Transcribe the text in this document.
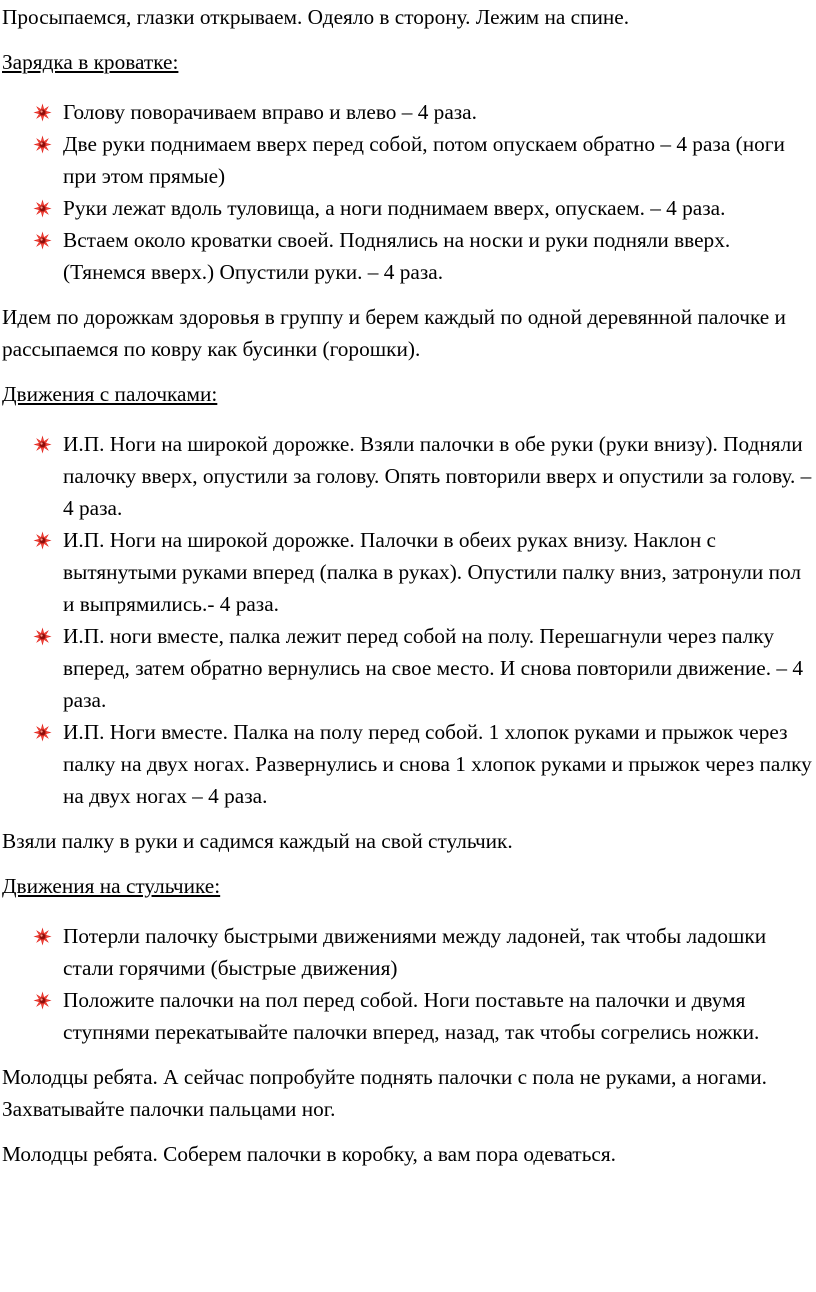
Просыпаемся, глазки открываем. Одеяло в сторону. Лежим на спине.

Зарядка в кроватке:

Голову поворачиваем вправо и влево – 4 раза.
Две руки поднимаем вверх перед собой, потом опускаем обратно – 4 раза (ноги при этом прямые)
Руки лежат вдоль туловища, а ноги поднимаем вверх, опускаем. – 4 раза.
Встаем около кроватки своей. Поднялись на носки и руки подняли вверх. (Тянемся вверх.) Опустили руки. – 4 раза.

Идем по дорожкам здоровья в группу и берем каждый по одной деревянной палочке и рассыпаемся по ковру как бусинки (горошки).

Движения с палочками:

И.П. Ноги на широкой дорожке. Взяли палочки в обе руки (руки внизу). Подняли палочку вверх, опустили за голову. Опять повторили вверх и опустили за голову. – 4 раза.
И.П. Ноги на широкой дорожке. Палочки в обеих руках внизу. Наклон с вытянутыми руками вперед (палка в руках). Опустили палку вниз, затронули пол и выпрямились.- 4 раза.
И.П. ноги вместе, палка лежит перед собой на полу. Перешагнули через палку вперед, затем обратно вернулись на свое место. И снова повторили движение. – 4 раза.
И.П. Ноги вместе. Палка на полу перед собой. 1 хлопок руками и прыжок через палку на двух ногах. Развернулись и снова 1 хлопок руками и прыжок через палку на двух ногах – 4 раза.

Взяли палку в руки и садимся каждый на свой стульчик.

Движения на стульчике:

Потерли палочку быстрыми движениями между ладоней, так чтобы ладошки стали горячими (быстрые движения)
Положите палочки на пол перед собой. Ноги поставьте на палочки и двумя ступнями перекатывайте палочки вперед, назад, так чтобы согрелись ножки.

Молодцы ребята. А сейчас попробуйте поднять палочки с пола не руками, а ногами. Захватывайте палочки пальцами ног.

Молодцы ребята. Соберем палочки в коробку, а вам пора одеваться.
